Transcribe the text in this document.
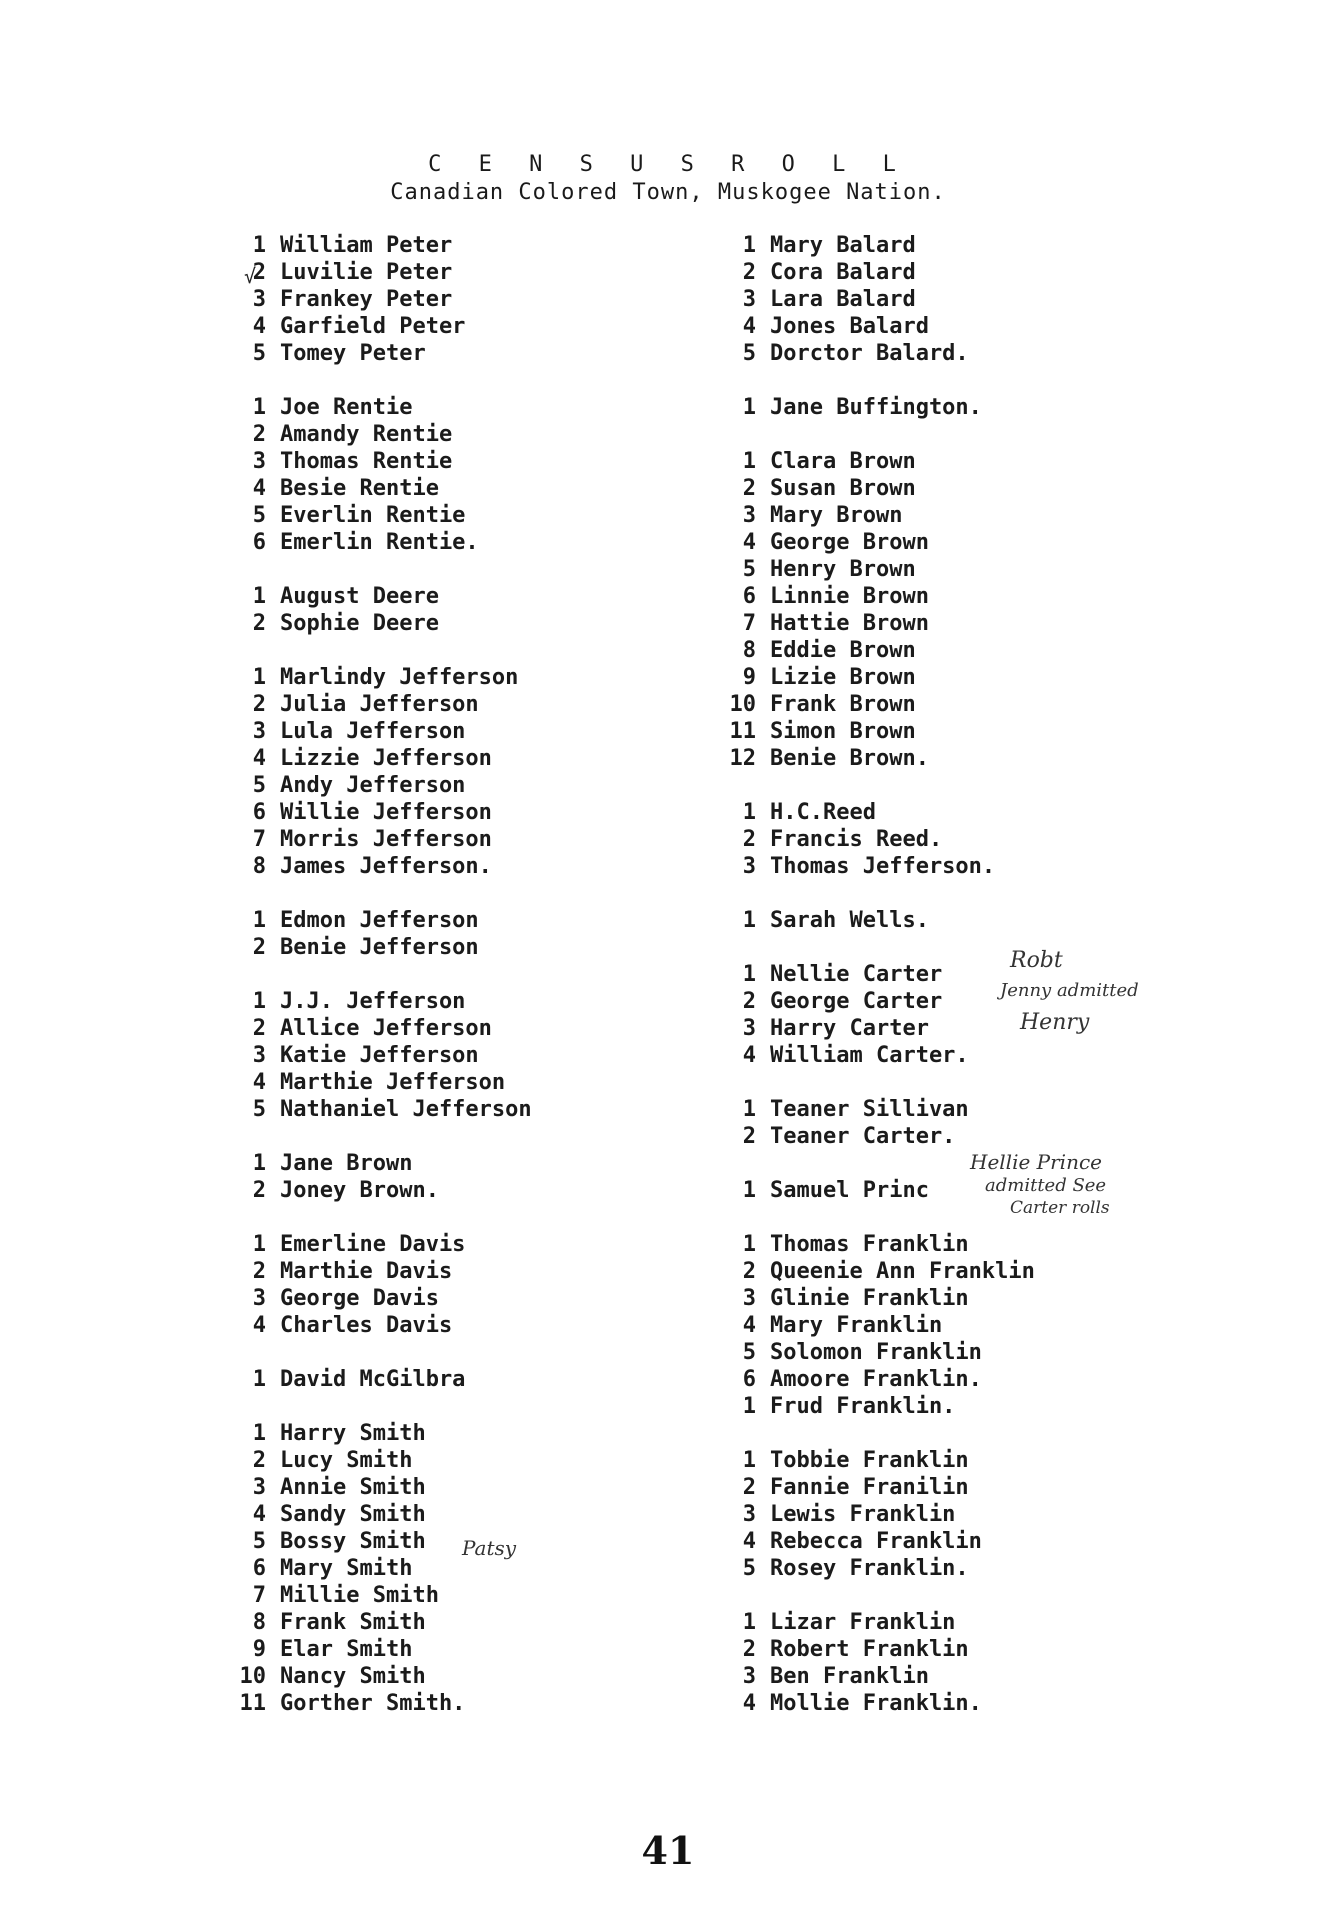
C E N S U S R O L L
Canadian Colored Town, Muskogee Nation.
1 William Peter
2 Luvilie Peter
3 Frankey Peter
4 Garfield Peter
5 Tomey Peter
1 Joe Rentie
2 Amandy Rentie
3 Thomas Rentie
4 Besie Rentie
5 Everlin Rentie
6 Emerlin Rentie.
1 August Deere
2 Sophie Deere
1 Marlindy Jefferson
2 Julia Jefferson
3 Lula Jefferson
4 Lizzie Jefferson
5 Andy Jefferson
6 Willie Jefferson
7 Morris Jefferson
8 James Jefferson.
1 Edmon Jefferson
2 Benie Jefferson
1 J.J. Jefferson
2 Allice Jefferson
3 Katie Jefferson
4 Marthie Jefferson
5 Nathaniel Jefferson
1 Jane Brown
2 Joney Brown.
1 Emerline Davis
2 Marthie Davis
3 George Davis
4 Charles Davis
1 David McGilbra
1 Harry Smith
2 Lucy Smith
3 Annie Smith
4 Sandy Smith
5 Bossy Smith
6 Mary Smith
7 Millie Smith
8 Frank Smith
9 Elar Smith
10 Nancy Smith
11 Gorther Smith.
1 Mary Balard
2 Cora Balard
3 Lara Balard
4 Jones Balard
5 Dorctor Balard.
1 Jane Buffington.
1 Clara Brown
2 Susan Brown
3 Mary Brown
4 George Brown
5 Henry Brown
6 Linnie Brown
7 Hattie Brown
8 Eddie Brown
9 Lizie Brown
10 Frank Brown
11 Simon Brown
12 Benie Brown.
1 H.C.Reed
2 Francis Reed.
3 Thomas Jefferson.
1 Sarah Wells.
1 Nellie Carter
2 George Carter
3 Harry Carter
4 William Carter.
1 Teaner Sillivan
2 Teaner Carter.
1 Samuel Princ
1 Thomas Franklin
2 Queenie Ann Franklin
3 Glinie Franklin
4 Mary Franklin
5 Solomon Franklin
6 Amoore Franklin.
1 Frud Franklin.
1 Tobbie Franklin
2 Fannie Franilin
3 Lewis Franklin
4 Rebecca Franklin
5 Rosey Franklin.
1 Lizar Franklin
2 Robert Franklin
3 Ben Franklin
4 Mollie Franklin.
√
Robt
Jenny admitted
Henry
Hellie Prince
admitted See
Carter rolls
Patsy
41
